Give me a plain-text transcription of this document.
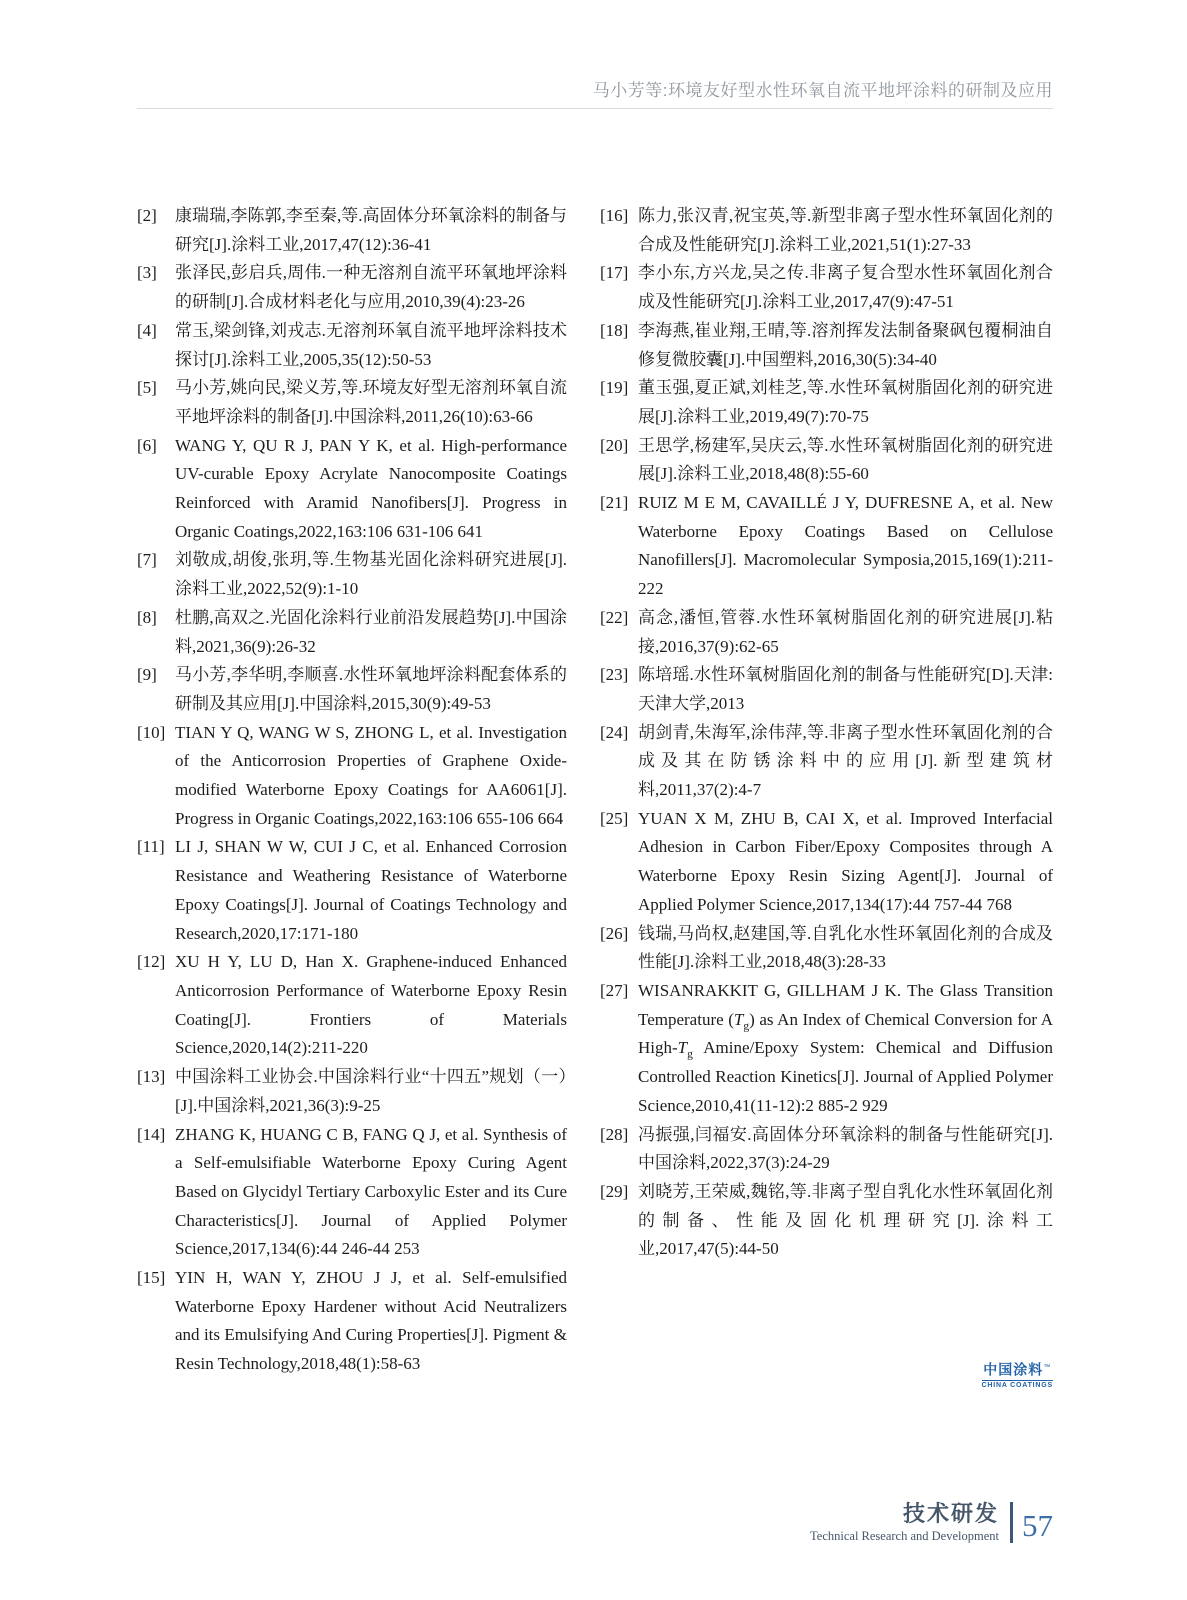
马小芳等:环境友好型水性环氧自流平地坪涂料的研制及应用
[2] 康瑞瑞,李陈郭,李至秦,等.高固体分环氧涂料的制备与研究[J].涂料工业,2017,47(12):36-41
[3] 张泽民,彭启兵,周伟.一种无溶剂自流平环氧地坪涂料的研制[J].合成材料老化与应用,2010,39(4):23-26
[4] 常玉,梁剑锋,刘戎志.无溶剂环氧自流平地坪涂料技术探讨[J].涂料工业,2005,35(12):50-53
[5] 马小芳,姚向民,梁义芳,等.环境友好型无溶剂环氧自流平地坪涂料的制备[J].中国涂料,2011,26(10):63-66
[6] WANG Y, QU R J, PAN Y K, et al. High-performance UV-curable Epoxy Acrylate Nanocomposite Coatings Reinforced with Aramid Nanofibers[J]. Progress in Organic Coatings,2022,163:106 631-106 641
[7] 刘敬成,胡俊,张玥,等.生物基光固化涂料研究进展[J].涂料工业,2022,52(9):1-10
[8] 杜鹏,高双之.光固化涂料行业前沿发展趋势[J].中国涂料,2021,36(9):26-32
[9] 马小芳,李华明,李顺喜.水性环氧地坪涂料配套体系的研制及其应用[J].中国涂料,2015,30(9):49-53
[10] TIAN Y Q, WANG W S, ZHONG L, et al. Investigation of the Anticorrosion Properties of Graphene Oxide-modified Waterborne Epoxy Coatings for AA6061[J]. Progress in Organic Coatings,2022,163:106 655-106 664
[11] LI J, SHAN W W, CUI J C, et al. Enhanced Corrosion Resistance and Weathering Resistance of Waterborne Epoxy Coatings[J]. Journal of Coatings Technology and Research,2020,17:171-180
[12] XU H Y, LU D, Han X. Graphene-induced Enhanced Anticorrosion Performance of Waterborne Epoxy Resin Coating[J]. Frontiers of Materials Science,2020,14(2):211-220
[13] 中国涂料工业协会.中国涂料行业“十四五”规划（一）[J].中国涂料,2021,36(3):9-25
[14] ZHANG K, HUANG C B, FANG Q J, et al. Synthesis of a Self-emulsifiable Waterborne Epoxy Curing Agent Based on Glycidyl Tertiary Carboxylic Ester and its Cure Characteristics[J]. Journal of Applied Polymer Science,2017,134(6):44 246-44 253
[15] YIN H, WAN Y, ZHOU J J, et al. Self-emulsified Waterborne Epoxy Hardener without Acid Neutralizers and its Emulsifying And Curing Properties[J]. Pigment & Resin Technology,2018,48(1):58-63
[16] 陈力,张汉青,祝宝英,等.新型非离子型水性环氧固化剂的合成及性能研究[J].涂料工业,2021,51(1):27-33
[17] 李小东,方兴龙,吴之传.非离子复合型水性环氧固化剂合成及性能研究[J].涂料工业,2017,47(9):47-51
[18] 李海燕,崔业翔,王晴,等.溶剂挥发法制备聚砜包覆桐油自修复微胶囊[J].中国塑料,2016,30(5):34-40
[19] 董玉强,夏正斌,刘桂芝,等.水性环氧树脂固化剂的研究进展[J].涂料工业,2019,49(7):70-75
[20] 王思学,杨建军,吴庆云,等.水性环氧树脂固化剂的研究进展[J].涂料工业,2018,48(8):55-60
[21] RUIZ M E M, CAVAILLÉ J Y, DUFRESNE A, et al. New Waterborne Epoxy Coatings Based on Cellulose Nanofillers[J]. Macromolecular Symposia,2015,169(1):211-222
[22] 高念,潘恒,管蓉.水性环氧树脂固化剂的研究进展[J].粘接,2016,37(9):62-65
[23] 陈培瑶.水性环氧树脂固化剂的制备与性能研究[D].天津:天津大学,2013
[24] 胡剑青,朱海军,涂伟萍,等.非离子型水性环氧固化剂的合成及其在防锈涂料中的应用[J].新型建筑材料,2011,37(2):4-7
[25] YUAN X M, ZHU B, CAI X, et al. Improved Interfacial Adhesion in Carbon Fiber/Epoxy Composites through A Waterborne Epoxy Resin Sizing Agent[J]. Journal of Applied Polymer Science,2017,134(17):44 757-44 768
[26] 钱瑞,马尚权,赵建国,等.自乳化水性环氧固化剂的合成及性能[J].涂料工业,2018,48(3):28-33
[27] WISANRAKKIT G, GILLHAM J K. The Glass Transition Temperature $(T_g)$ as An Index of Chemical Conversion for A High-$T_g$ Amine/Epoxy System: Chemical and Diffusion Controlled Reaction Kinetics[J]. Journal of Applied Polymer Science,2010,41(11-12):2 885-2 929
[28] 冯振强,闫福安.高固体分环氧涂料的制备与性能研究[J].中国涂料,2022,37(3):24-29
[29] 刘晓芳,王荣威,魏铭,等.非离子型自乳化水性环氧固化剂的制备、性能及固化机理研究[J].涂料工业,2017,47(5):44-50
中国涂料™
CHINA COATINGS
技术研发
Technical Research and Development 57
